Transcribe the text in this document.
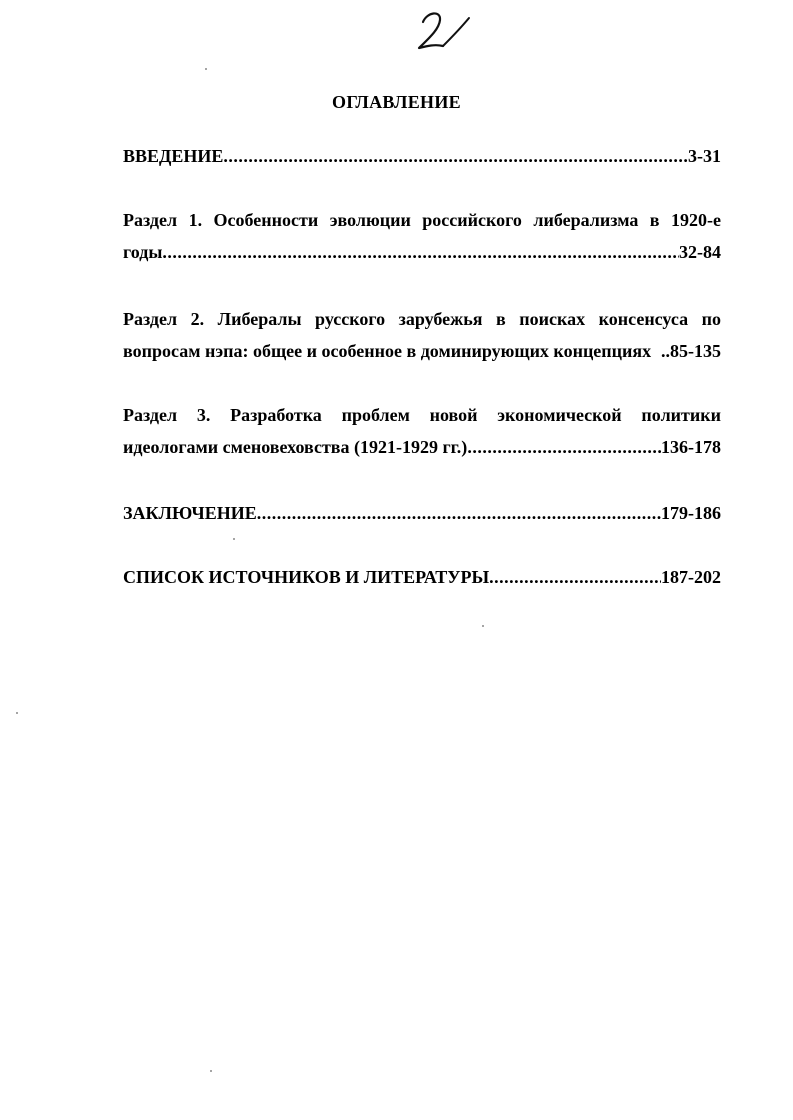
ОГЛАВЛЕНИЕ
ВВЕДЕНИЕ .....	3-31
Раздел 1. Особенности эволюции российского либерализма в 1920-е
годы .....	32-84
Раздел 2. Либералы русского зарубежья в поисках консенсуса по
вопросам нэпа: общее и особенное в доминирующих концепциях ..85-135
Раздел 3. Разработка проблем новой экономической политики
идеологами сменовеховства (1921-1929 гг.) .....	136-178
ЗАКЛЮЧЕНИЕ .....	179-186
СПИСОК ИСТОЧНИКОВ И ЛИТЕРАТУРЫ .....	187-202
